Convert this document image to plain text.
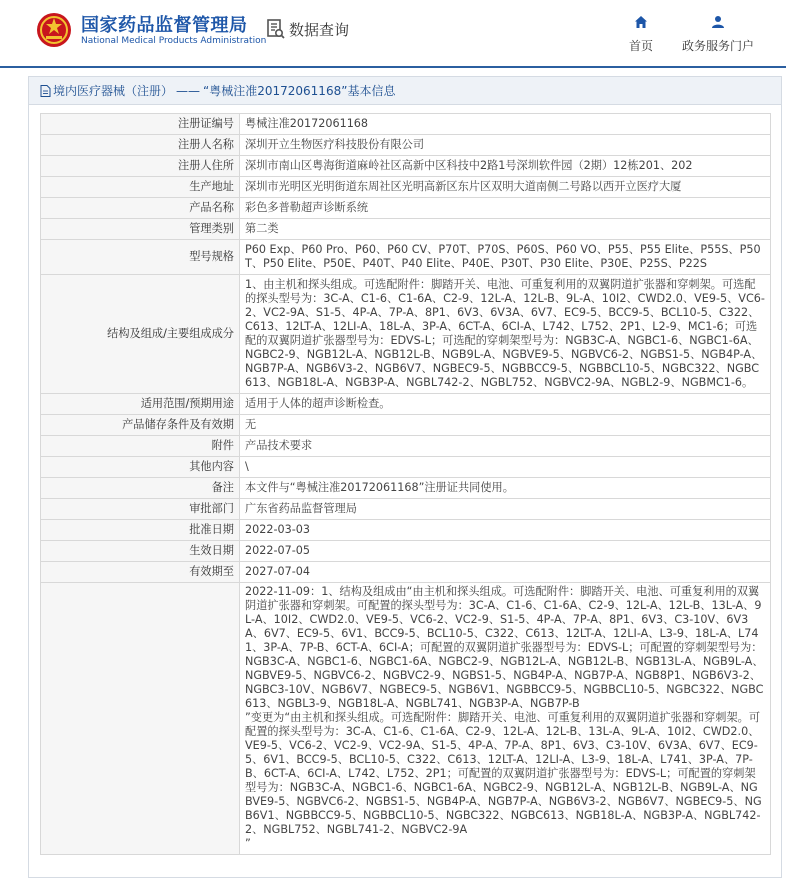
国家药品监督管理局
National Medical Products Administration
数据查询
首页 政务服务门户
境内医疗器械（注册） —— “粤械注准20172061168” 基本信息
注册证编号	粤械注准20172061168
注册人名称	深圳开立生物医疗科技股份有限公司
注册人住所	深圳市南山区粤海街道麻岭社区高新中区科技中2路1号深圳软件园（2期）12栋201、202
生产地址	深圳市光明区光明街道东周社区光明高新区东片区双明大道南侧二号路以西开立医疗大厦
产品名称	彩色多普勒超声诊断系统
管理类别	第二类
型号规格	P60 Exp、P60 Pro、P60、P60 CV、P70T、P70S、P60S、P60 VO、P55、P55 Elite、P55S、P50T、P50 Elite、P50E、P40T、P40 Elite、P40E、P30T、P30 Elite、P30E、P25S、P22S
结构及组成/主要组成成分	1、由主机和探头组成。可选配附件：脚踏开关、电池、可重复利用的双翼阴道扩张器和穿刺架。可选配的探头型号为：3C-A、C1-6、C1-6A、C2-9、12L-A、12L-B、9L-A、10I2、CWD2.0、VE9-5、VC6-2、VC2-9A、S1-5、4P-A、7P-A、8P1、6V3、6V3A、6V7、EC9-5、BCC9-5、BCL10-5、C322、C613、12LT-A、12LI-A、18L-A、3P-A、6CT-A、6CI-A、L742、L752、2P1、L2-9、MC1-6；可选配的双翼阴道扩张器型号为：EDVS-L；可选配的穿刺架型号为：NGB3C-A、NGBC1-6、NGBC1-6A、NGBC2-9、NGB12L-A、NGB12L-B、NGB9L-A、NGBVE9-5、NGBVC6-2、NGBS1-5、NGB4P-A、NGB7P-A、NGB6V3-2、NGB6V7、NGBEC9-5、NGBBCC9-5、NGBBCL10-5、NGBC322、NGBC613、NGB18L-A、NGB3P-A、NGBL742-2、NGBL752、NGBVC2-9A、NGBL2-9、NGBMC1-6。
适用范围/预期用途	适用于人体的超声诊断检查。
产品储存条件及有效期	无
附件	产品技术要求
其他内容	\
备注	本文件与“粤械注准20172061168”注册证共同使用。
审批部门	广东省药品监督管理局
批准日期	2022-03-03
生效日期	2022-07-05
有效期至	2027-07-04
	2022-11-09：1、结构及组成由“由主机和探头组成。可选配附件：脚踏开关、电池、可重复利用的双翼阴道扩张器和穿刺架。可配置的探头型号为：3C-A、C1-6、C1-6A、C2-9、12L-A、12L-B、13L-A、9L-A、10I2、CWD2.0、VE9-5、VC6-2、VC2-9、S1-5、4P-A、7P-A、8P1、6V3、C3-10V、6V3A、6V7、EC9-5、6V1、BCC9-5、BCL10-5、C322、C613、12LT-A、12LI-A、L3-9、18L-A、L741、3P-A、7P-B、6CT-A、6CI-A；可配置的双翼阴道扩张器型号为：EDVS-L；可配置的穿刺架型号为：NGB3C-A、NGBC1-6、NGBC1-6A、NGBC2-9、NGB12L-A、NGB12L-B、NGB13L-A、NGB9L-A、NGBVE9-5、NGBVC6-2、NGBVC2-9、NGBS1-5、NGB4P-A、NGB7P-A、NGB8P1、NGB6V3-2、NGBC3-10V、NGB6V7、NGBEC9-5、NGB6V1、NGBBCC9-5、NGBBCL10-5、NGBC322、NGBC613、NGBL3-9、NGB18L-A、NGBL741、NGB3P-A、NGB7P-B
”变更为“由主机和探头组成。可选配附件：脚踏开关、电池、可重复利用的双翼阴道扩张器和穿刺架。可配置的探头型号为：3C-A、C1-6、C1-6A、C2-9、12L-A、12L-B、13L-A、9L-A、10I2、CWD2.0、VE9-5、VC6-2、VC2-9、VC2-9A、S1-5、4P-A、7P-A、8P1、6V3、C3-10V、6V3A、6V7、EC9-5、6V1、BCC9-5、BCL10-5、C322、C613、12LT-A、12LI-A、L3-9、18L-A、L741、3P-A、7P-B、6CT-A、6CI-A、L742、L752、2P1；可配置的双翼阴道扩张器型号为：EDVS-L；可配置的穿刺架型号为：NGB3C-A、NGBC1-6、NGBC1-6A、NGBC2-9、NGB12L-A、NGB12L-B、NGB9L-A、NGBVE9-5、NGBVC6-2、NGBS1-5、NGB4P-A、NGB7P-A、NGB6V3-2、NGB6V7、NGBEC9-5、NGB6V1、NGBBCC9-5、NGBBCL10-5、NGBC322、NGBC613、NGB18L-A、NGB3P-A、NGBL742-2、NGBL752、NGBL741-2、NGBVC2-9A
”
